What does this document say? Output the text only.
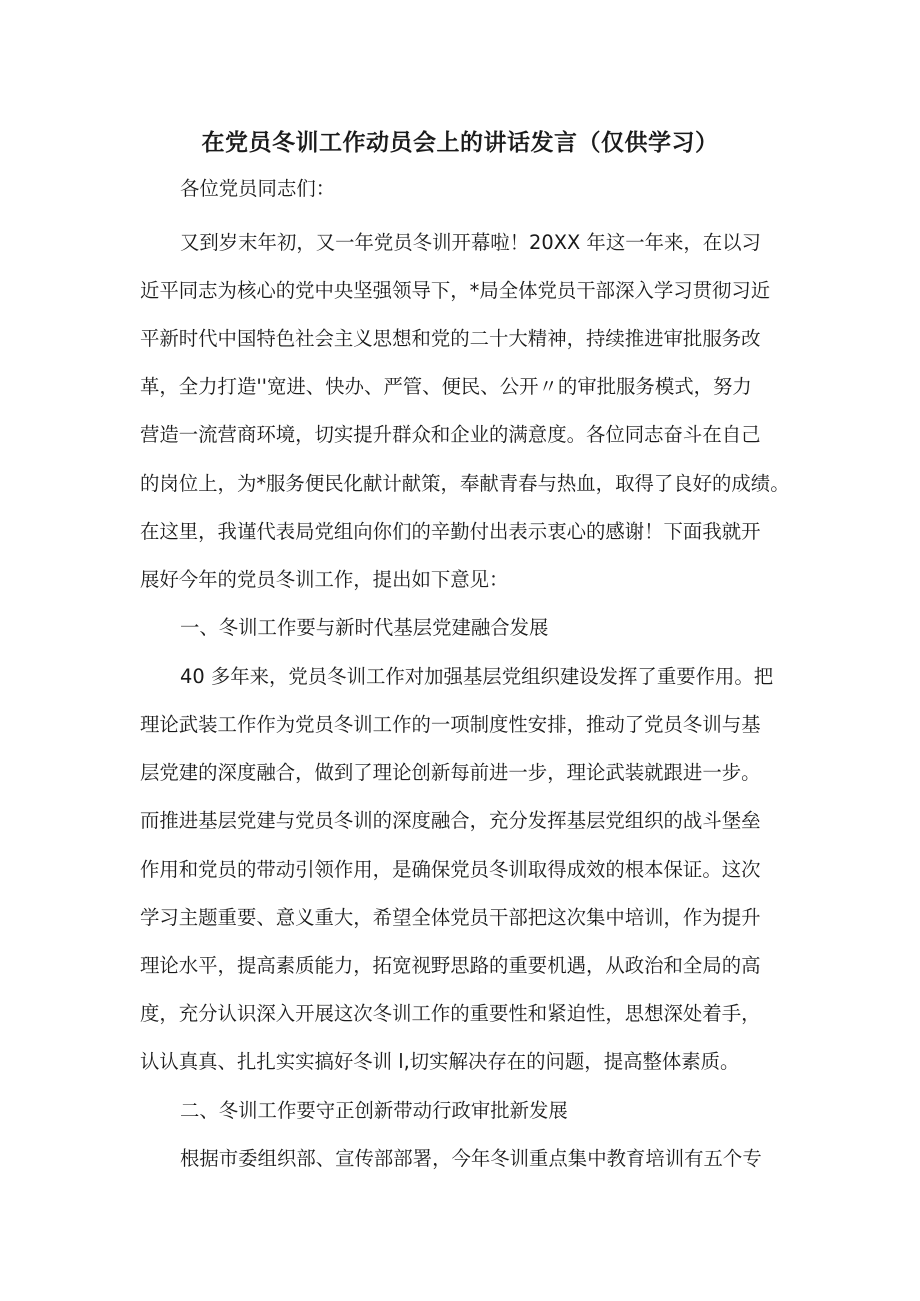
在党员冬训工作动员会上的讲话发言（仅供学习）

各位党员同志们：

又到岁末年初，又一年党员冬训开幕啦！20XX 年这一年来，在以习

近平同志为核心的党中央坚强领导下，*局全体党员干部深入学习贯彻习近

平新时代中国特色社会主义思想和党的二十大精神，持续推进审批服务改

革，全力打造''宽进、快办、严管、便民、公开〃的审批服务模式，努力

营造一流营商环境，切实提升群众和企业的满意度。各位同志奋斗在自己

的岗位上，为*服务便民化献计献策，奉献青春与热血，取得了良好的成绩。

在这里，我谨代表局党组向你们的辛勤付出表示衷心的感谢！下面我就开

展好今年的党员冬训工作，提出如下意见：

一、冬训工作要与新时代基层党建融合发展

40 多年来，党员冬训工作对加强基层党组织建设发挥了重要作用。把

理论武装工作作为党员冬训工作的一项制度性安排，推动了党员冬训与基

层党建的深度融合，做到了理论创新每前进一步，理论武装就跟进一步。

而推进基层党建与党员冬训的深度融合，充分发挥基层党组织的战斗堡垒

作用和党员的带动引领作用，是确保党员冬训取得成效的根本保证。这次

学习主题重要、意义重大，希望全体党员干部把这次集中培训，作为提升

理论水平，提高素质能力，拓宽视野思路的重要机遇，从政治和全局的高

度，充分认识深入开展这次冬训工作的重要性和紧迫性，思想深处着手，

认认真真、扎扎实实搞好冬训 l,切实解决存在的问题，提高整体素质。

二、冬训工作要守正创新带动行政审批新发展

根据市委组织部、宣传部部署，今年冬训重点集中教育培训有五个专
